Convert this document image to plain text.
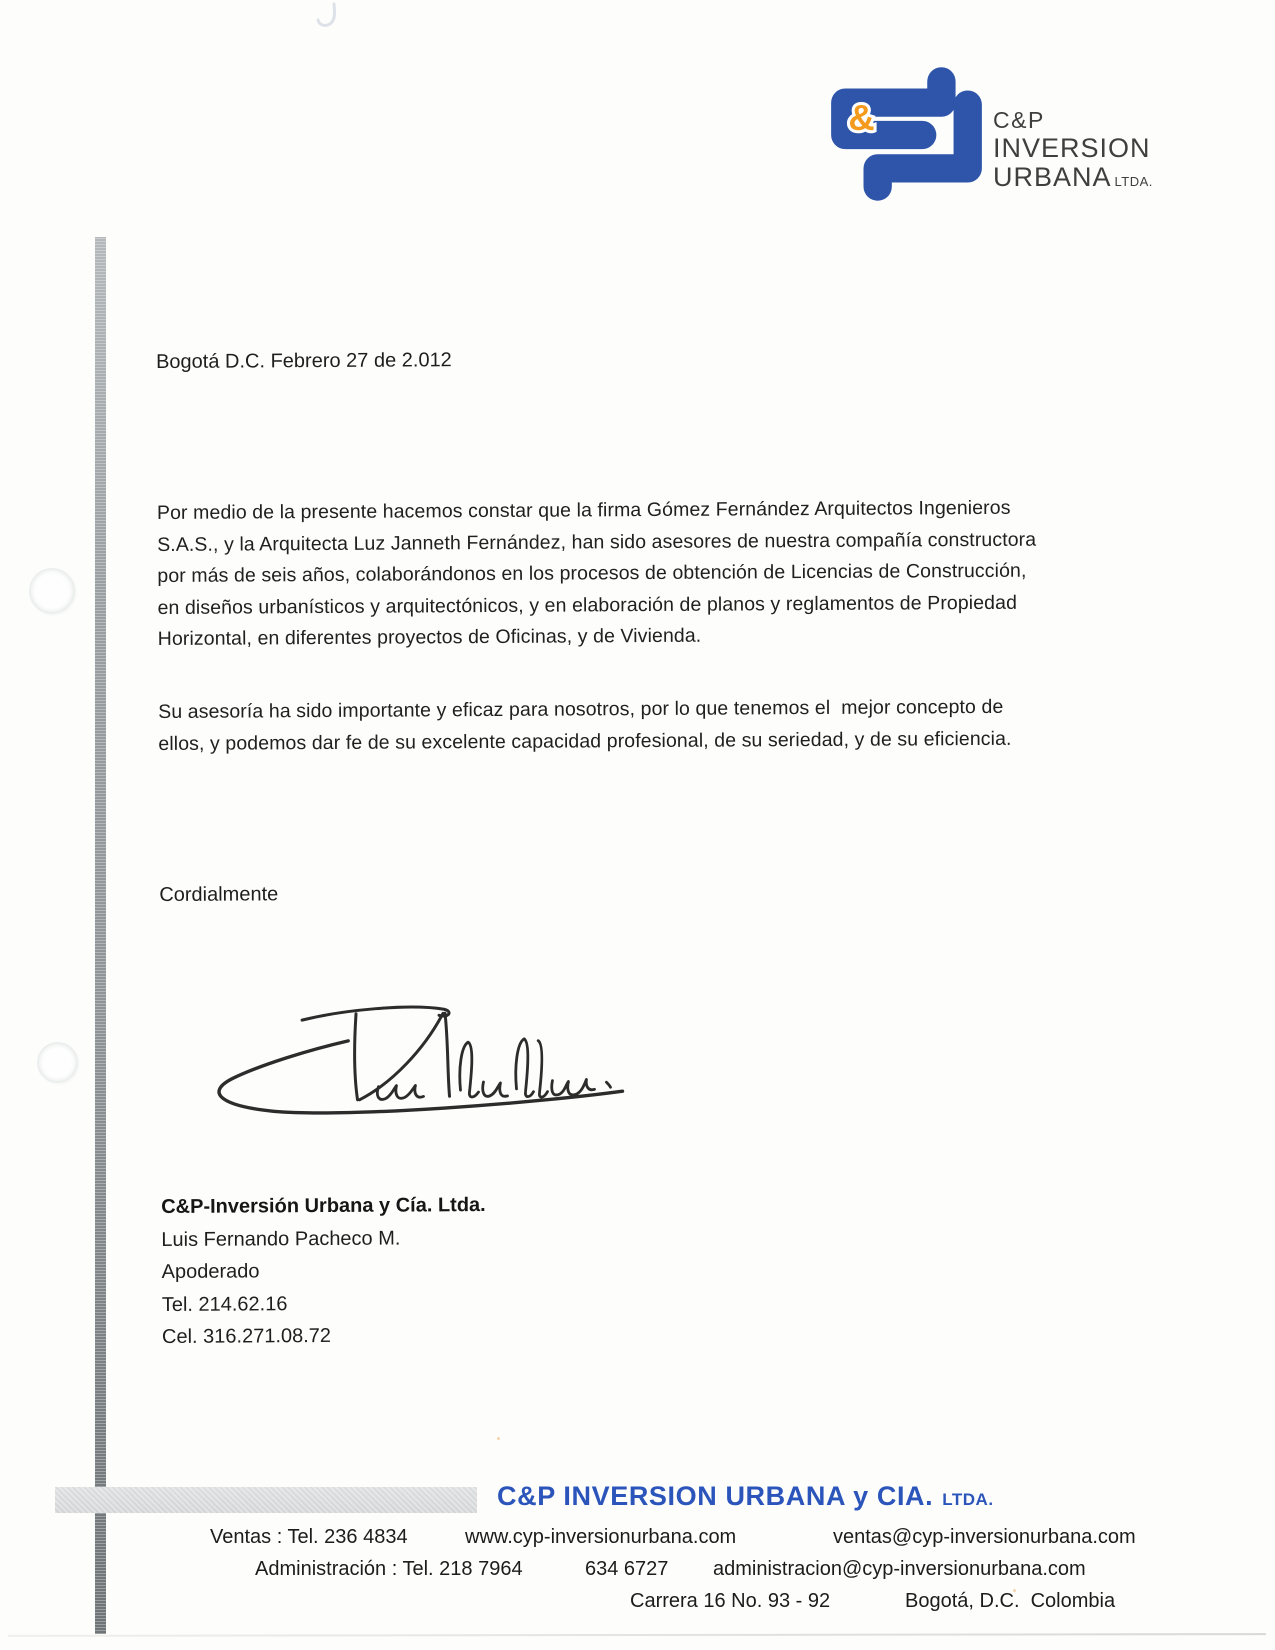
&	C&P
INVERSION
URBANA LTDA.
Bogotá D.C. Febrero 27 de 2.012
Por medio de la presente hacemos constar que la firma Gómez Fernández Arquitectos Ingenieros
S.A.S., y la Arquitecta Luz Janneth Fernández, han sido asesores de nuestra compañía constructora
por más de seis años, colaborándonos en los procesos de obtención de Licencias de Construcción,
en diseños urbanísticos y arquitectónicos, y en elaboración de planos y reglamentos de Propiedad
Horizontal, en diferentes proyectos de Oficinas, y de Vivienda.
Su asesoría ha sido importante y eficaz para nosotros, por lo que tenemos el  mejor concepto de
ellos, y podemos dar fe de su excelente capacidad profesional, de su seriedad, y de su eficiencia.
Cordialmente
C&P-Inversión Urbana y Cía. Ltda.
Luis Fernando Pacheco M.
Apoderado
Tel. 214.62.16
Cel. 316.271.08.72
C&P INVERSION URBANA y CIA. LTDA.
Ventas : Tel. 236 4834	www.cyp-inversionurbana.com	ventas@cyp-inversionurbana.com
Administración : Tel. 218 7964	634 6727 administracion@cyp-inversionurbana.com
Carrera 16 No. 93 - 92	Bogotá, D.C.  Colombia
